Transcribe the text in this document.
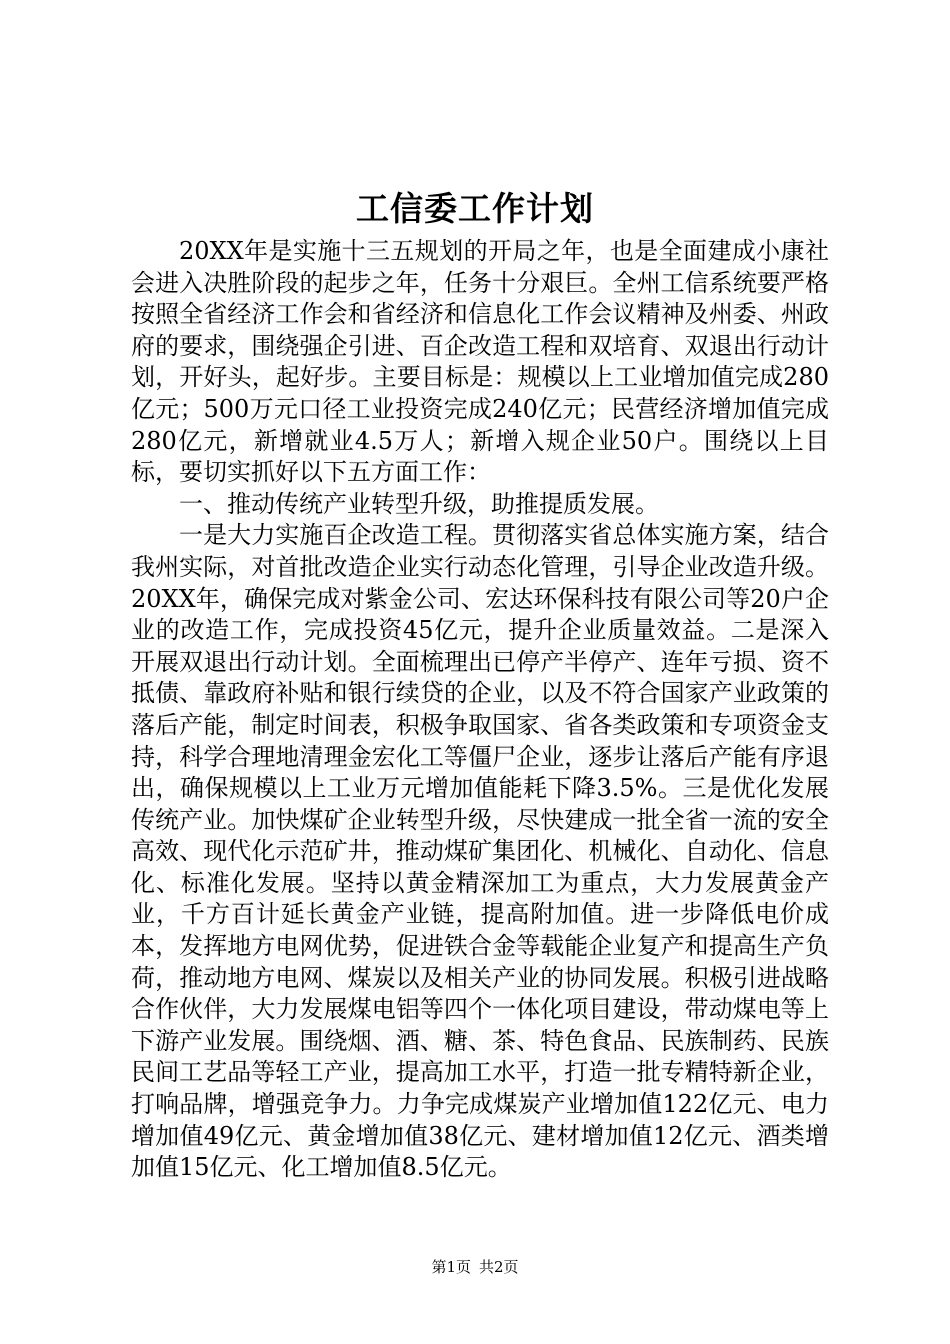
工信委工作计划

20XX年是实施十三五规划的开局之年，也是全面建成小康社会进入决胜阶段的起步之年，任务十分艰巨。全州工信系统要严格按照全省经济工作会和省经济和信息化工作会议精神及州委、州政府的要求，围绕强企引进、百企改造工程和双培育、双退出行动计划，开好头，起好步。主要目标是：规模以上工业增加值完成280亿元；500万元口径工业投资完成240亿元；民营经济增加值完成280亿元，新增就业4.5万人；新增入规企业50户。围绕以上目标，要切实抓好以下五方面工作：

一、推动传统产业转型升级，助推提质发展。

一是大力实施百企改造工程。贯彻落实省总体实施方案，结合我州实际，对首批改造企业实行动态化管理，引导企业改造升级。20XX年，确保完成对紫金公司、宏达环保科技有限公司等20户企业的改造工作，完成投资45亿元，提升企业质量效益。二是深入开展双退出行动计划。全面梳理出已停产半停产、连年亏损、资不抵债、靠政府补贴和银行续贷的企业，以及不符合国家产业政策的落后产能，制定时间表，积极争取国家、省各类政策和专项资金支持，科学合理地清理金宏化工等僵尸企业，逐步让落后产能有序退出，确保规模以上工业万元增加值能耗下降3.5%。三是优化发展传统产业。加快煤矿企业转型升级，尽快建成一批全省一流的安全高效、现代化示范矿井，推动煤矿集团化、机械化、自动化、信息化、标准化发展。坚持以黄金精深加工为重点，大力发展黄金产业，千方百计延长黄金产业链，提高附加值。进一步降低电价成本，发挥地方电网优势，促进铁合金等载能企业复产和提高生产负荷，推动地方电网、煤炭以及相关产业的协同发展。积极引进战略合作伙伴，大力发展煤电铝等四个一体化项目建设，带动煤电等上下游产业发展。围绕烟、酒、糖、茶、特色食品、民族制药、民族民间工艺品等轻工产业，提高加工水平，打造一批专精特新企业，打响品牌，增强竞争力。力争完成煤炭产业增加值122亿元、电力增加值49亿元、黄金增加值38亿元、建材增加值12亿元、酒类增加值15亿元、化工增加值8.5亿元。

第1页 共2页
